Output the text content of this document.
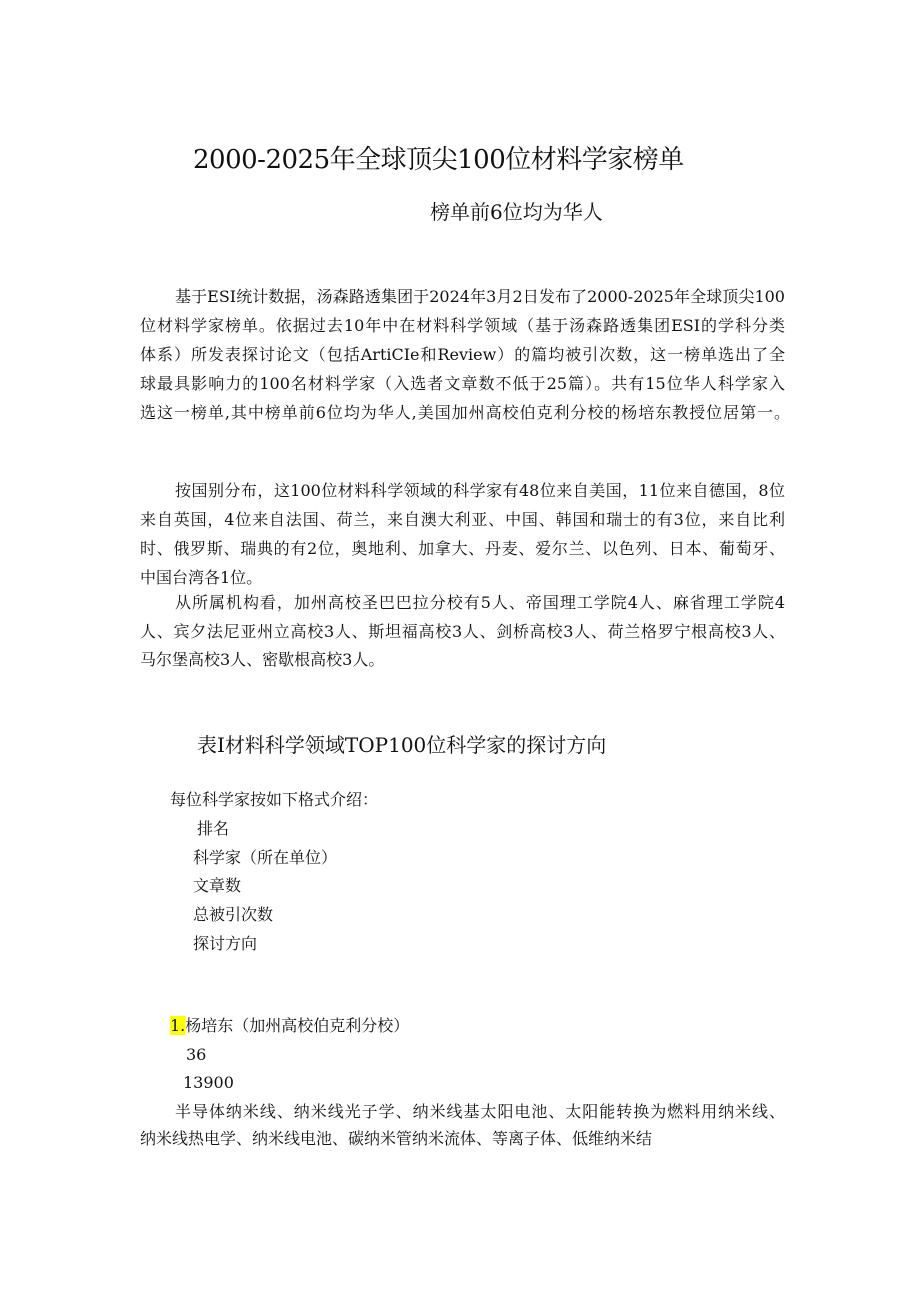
2000-2025年全球顶尖100位材料学家榜单
榜单前6位均为华人
基于ESI统计数据，汤森路透集团于2024年3月2日发布了2000-2025年全球顶尖100
位材料学家榜单。依据过去10年中在材料科学领域（基于汤森路透集团ESI的学科分类
体系）所发表探讨论文（包括ArtiCIe和Review）的篇均被引次数，这一榜单选出了全
球最具影响力的100名材料学家（入选者文章数不低于25篇）。共有15位华人科学家入
选这一榜单,其中榜单前6位均为华人,美国加州高校伯克利分校的杨培东教授位居第一。
按国别分布，这100位材料科学领域的科学家有48位来自美国，11位来自德国，8位
来自英国，4位来自法国、荷兰，来自澳大利亚、中国、韩国和瑞士的有3位，来自比利
时、俄罗斯、瑞典的有2位，奥地利、加拿大、丹麦、爱尔兰、以色列、日本、葡萄牙、
中国台湾各1位。
从所属机构看，加州高校圣巴巴拉分校有5人、帝国理工学院4人、麻省理工学院4
人、宾夕法尼亚州立高校3人、斯坦福高校3人、剑桥高校3人、荷兰格罗宁根高校3人、
马尔堡高校3人、密歇根高校3人。
表I材料科学领域TOP100位科学家的探讨方向
每位科学家按如下格式介绍：
排名
科学家（所在单位）
文章数
总被引次数
探讨方向
1.杨培东（加州高校伯克利分校）
36
13900
半导体纳米线、纳米线光子学、纳米线基太阳电池、太阳能转换为燃料用纳米线、
纳米线热电学、纳米线电池、碳纳米管纳米流体、等离子体、低维纳米结
